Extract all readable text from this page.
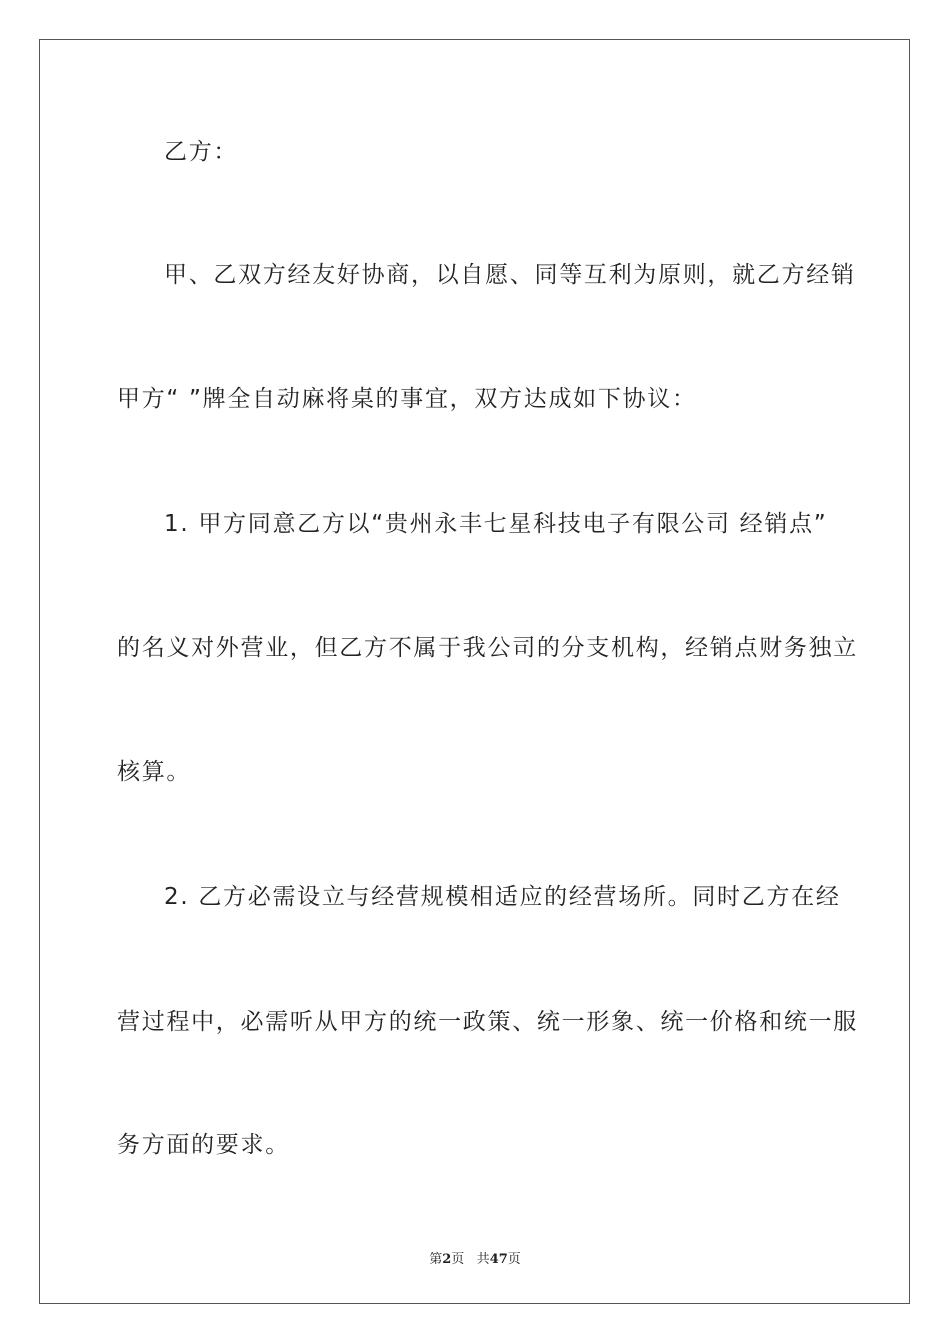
乙方：
甲、乙双方经友好协商，以自愿、同等互利为原则，就乙方经销
甲方“ ”牌全自动麻将桌的事宜，双方达成如下协议：
1. 甲方同意乙方以“贵州永丰七星科技电子有限公司 经销点”
的名义对外营业，但乙方不属于我公司的分支机构，经销点财务独立
核算。
2. 乙方必需设立与经营规模相适应的经营场所。同时乙方在经
营过程中，必需听从甲方的统一政策、统一形象、统一价格和统一服
务方面的要求。
第2页 共47页
